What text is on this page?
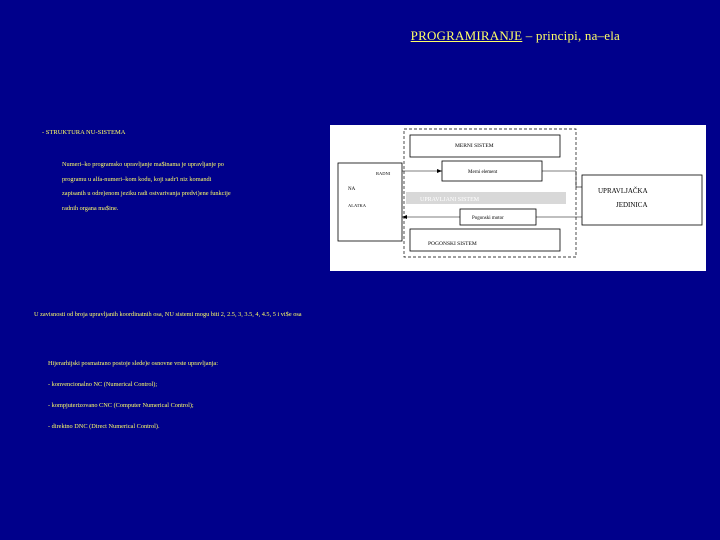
PROGRAMIRANJE – principi, na–ela
- STRUKTURA NU-SISTEMA
Numeri–ko programsko upravljanje ma$inama je upravljanje po
programu u alfa-numeri–kom kodu, koji sadr'i niz komandi
zapisanih u odre)enom jeziku radi ostvarivanja predvi)ene funkcije
radnih organa ma$ine.
MERNI SISTEM
Merni element
RADNI
NA
ALATKA
UPRAVLJANI SISTEM
Pogonski motor
POGONSKI SISTEM
UPRAVLJAČKA
JEDINICA
U zavisnosti od broja upravljanih koordinatnih osa, NU sistemi mogu biti 2, 2.5, 3, 3.5, 4, 4.5, 5 i vi$e osa
Hijerarhijski posmatrano postoje slede)e osnovne vrste upravljanja:
- konvencionalno NC (Numerical Control);
- kompjuterizovano CNC (Computer Numerical Control);
- direktno DNC (Direct Numerical Control).
